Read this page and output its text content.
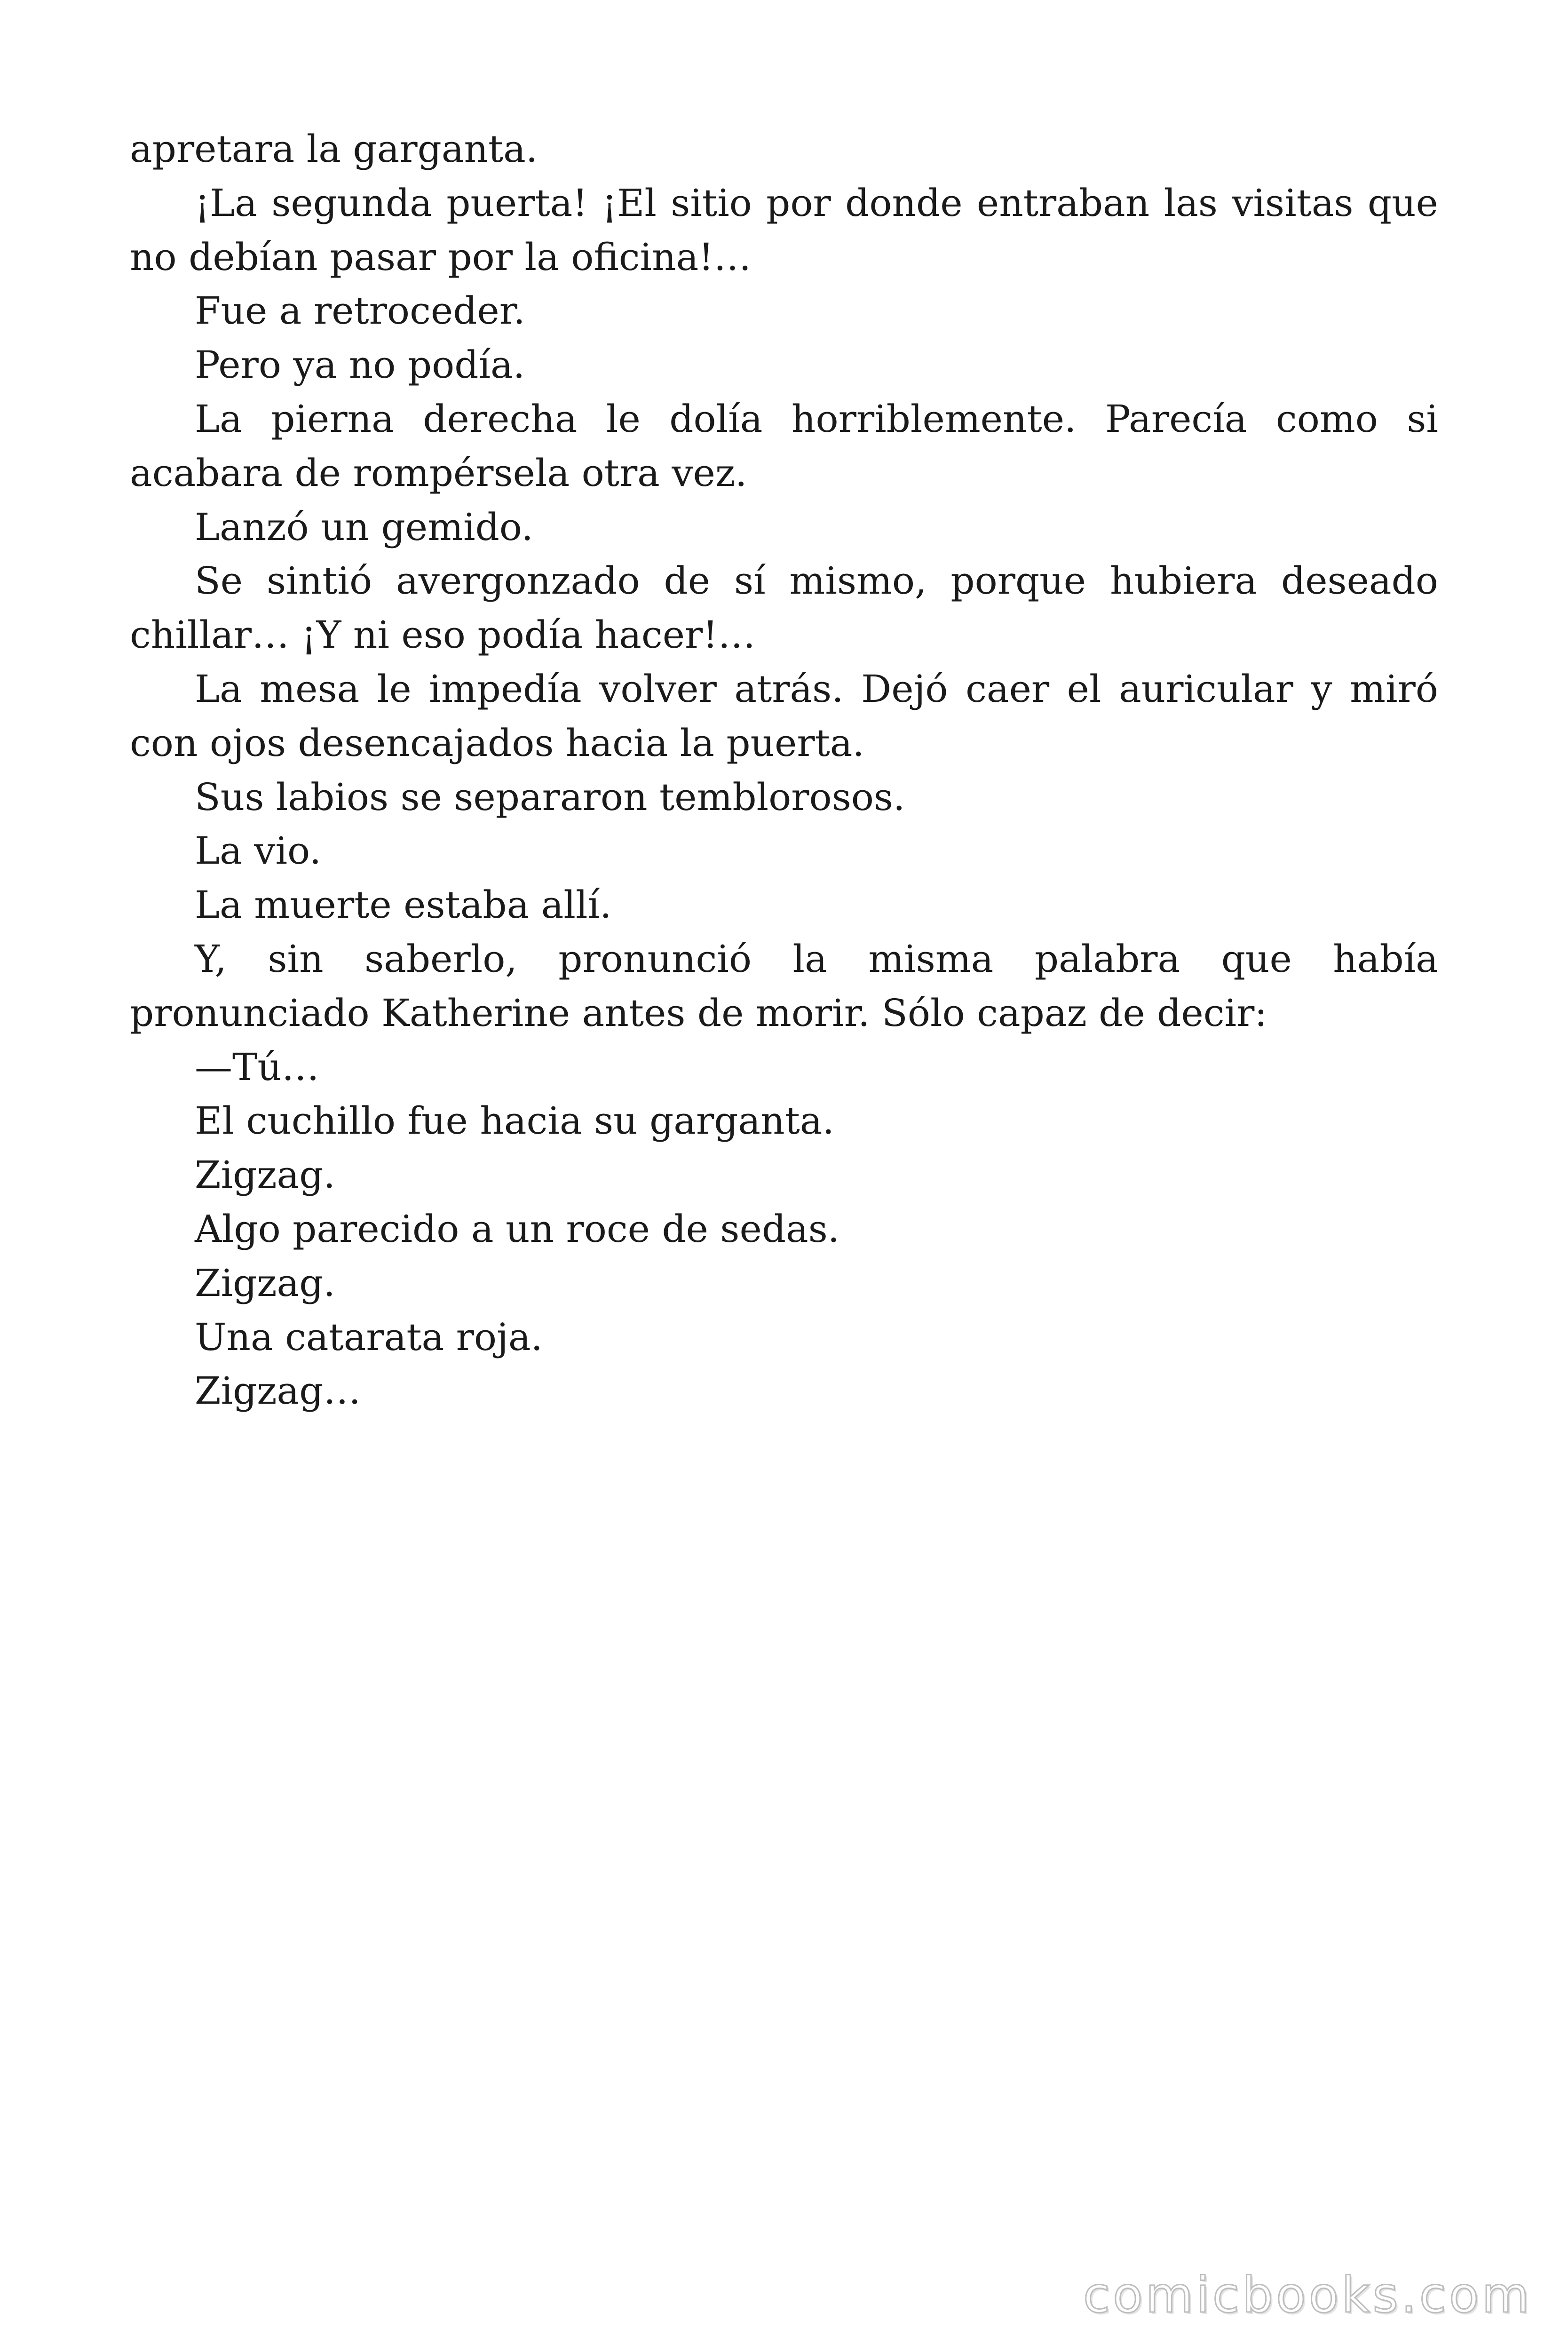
apretara la garganta.

¡La segunda puerta! ¡El sitio por donde entraban las visitas que no debían pasar por la oficina!…

Fue a retroceder.

Pero ya no podía.

La pierna derecha le dolía horriblemente. Parecía como si acabara de rompérsela otra vez.

Lanzó un gemido.

Se sintió avergonzado de sí mismo, porque hubiera deseado chillar… ¡Y ni eso podía hacer!…

La mesa le impedía volver atrás. Dejó caer el auricular y miró con ojos desencajados hacia la puerta.

Sus labios se separaron temblorosos.

La vio.

La muerte estaba allí.

Y, sin saberlo, pronunció la misma palabra que había pronunciado Katherine antes de morir. Sólo capaz de decir:

—Tú…

El cuchillo fue hacia su garganta.

Zigzag.

Algo parecido a un roce de sedas.

Zigzag.

Una catarata roja.

Zigzag…

comicbooks.com
